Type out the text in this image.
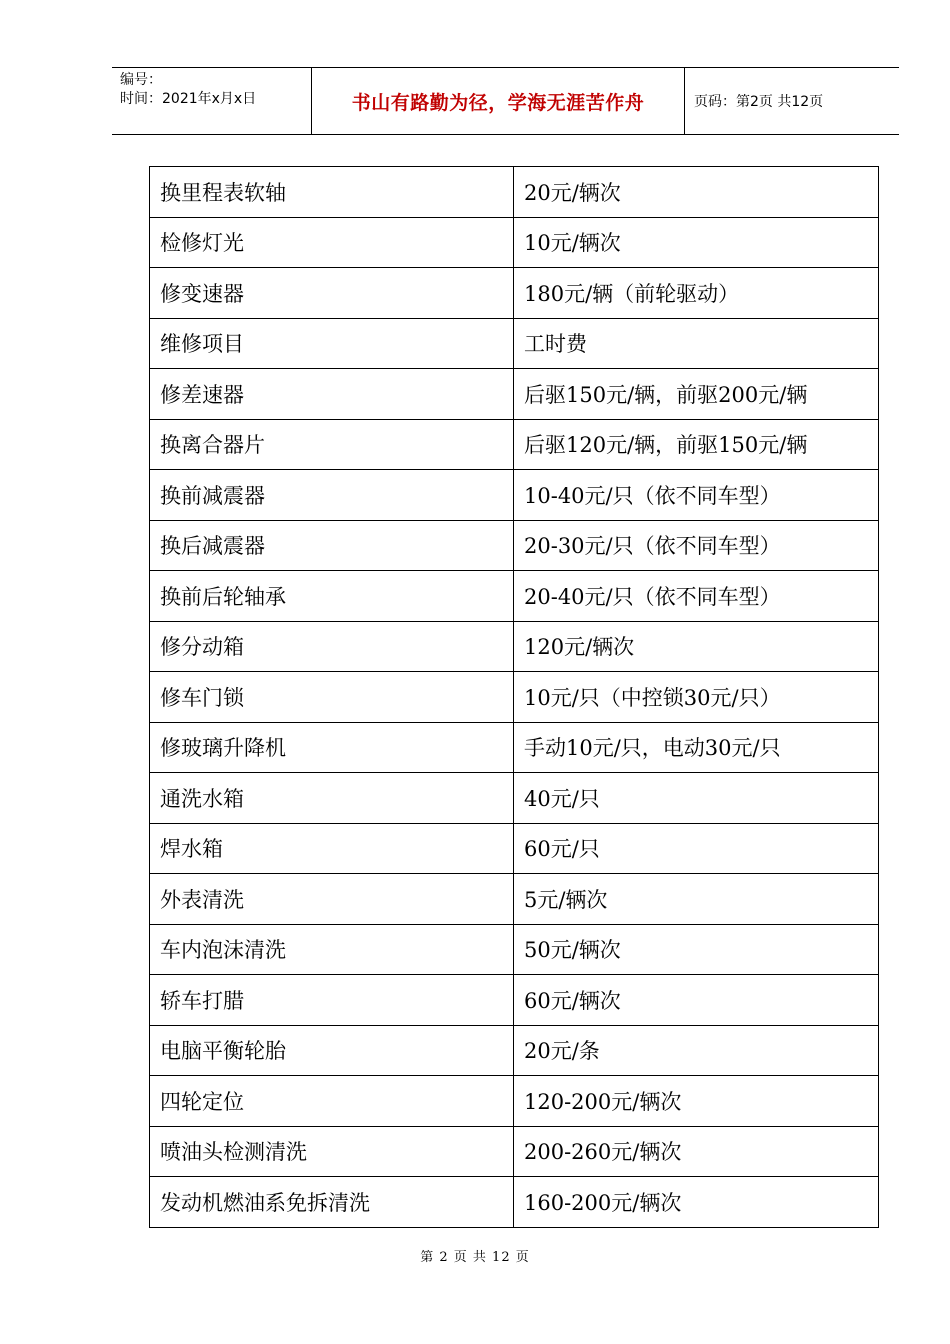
编号：
时间：2021年x月x日	书山有路勤为径，学海无涯苦作舟	页码：第2页 共12页
换里程表软轴	20元/辆次
检修灯光	10元/辆次
修变速器	180元/辆（前轮驱动）
维修项目	工时费
修差速器	后驱150元/辆，前驱200元/辆
换离合器片	后驱120元/辆，前驱150元/辆
换前减震器	10-40元/只（依不同车型）
换后减震器	20-30元/只（依不同车型）
换前后轮轴承	20-40元/只（依不同车型）
修分动箱	120元/辆次
修车门锁	10元/只（中控锁30元/只）
修玻璃升降机	手动10元/只，电动30元/只
通洗水箱	40元/只
焊水箱	60元/只
外表清洗	5元/辆次
车内泡沫清洗	50元/辆次
轿车打腊	60元/辆次
电脑平衡轮胎	20元/条
四轮定位	120-200元/辆次
喷油头检测清洗	200-260元/辆次
发动机燃油系免拆清洗	160-200元/辆次
第 2 页 共 12 页
